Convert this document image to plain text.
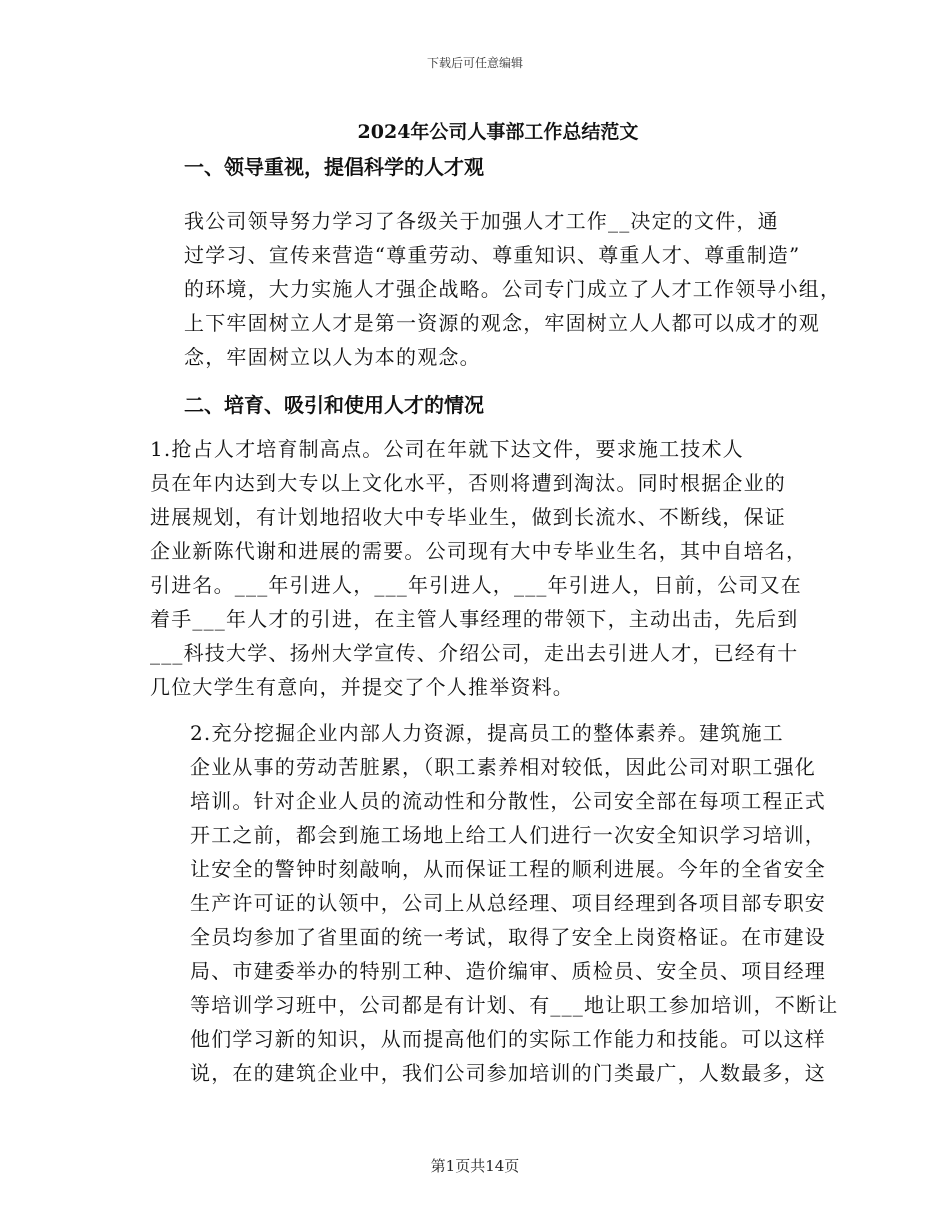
下载后可任意编辑
2024年公司人事部工作总结范文

一、领导重视，提倡科学的人才观

我公司领导努力学习了各级关于加强人才工作__决定的文件，通
过学习、宣传来营造“尊重劳动、尊重知识、尊重人才、尊重制造”
的环境，大力实施人才强企战略。公司专门成立了人才工作领导小组，
上下牢固树立人才是第一资源的观念，牢固树立人人都可以成才的观
念，牢固树立以人为本的观念。

二、培育、吸引和使用人才的情况

1.抢占人才培育制高点。公司在年就下达文件，要求施工技术人
员在年内达到大专以上文化水平，否则将遭到淘汰。同时根据企业的
进展规划，有计划地招收大中专毕业生，做到长流水、不断线，保证
企业新陈代谢和进展的需要。公司现有大中专毕业生名，其中自培名，
引进名。___年引进人，___年引进人，___年引进人，日前，公司又在
着手___年人才的引进，在主管人事经理的带领下，主动出击，先后到
___科技大学、扬州大学宣传、介绍公司，走出去引进人才，已经有十
几位大学生有意向，并提交了个人推举资料。

2.充分挖掘企业内部人力资源，提高员工的整体素养。建筑施工
企业从事的劳动苦脏累，（职工素养相对较低，因此公司对职工强化
培训。针对企业人员的流动性和分散性，公司安全部在每项工程正式
开工之前，都会到施工场地上给工人们进行一次安全知识学习培训，
让安全的警钟时刻敲响，从而保证工程的顺利进展。今年的全省安全
生产许可证的认领中，公司上从总经理、项目经理到各项目部专职安
全员均参加了省里面的统一考试，取得了安全上岗资格证。在市建设
局、市建委举办的特别工种、造价编审、质检员、安全员、项目经理
等培训学习班中，公司都是有计划、有___地让职工参加培训，不断让
他们学习新的知识，从而提高他们的实际工作能力和技能。可以这样
说，在的建筑企业中，我们公司参加培训的门类最广，人数最多，这

第1页共14页
